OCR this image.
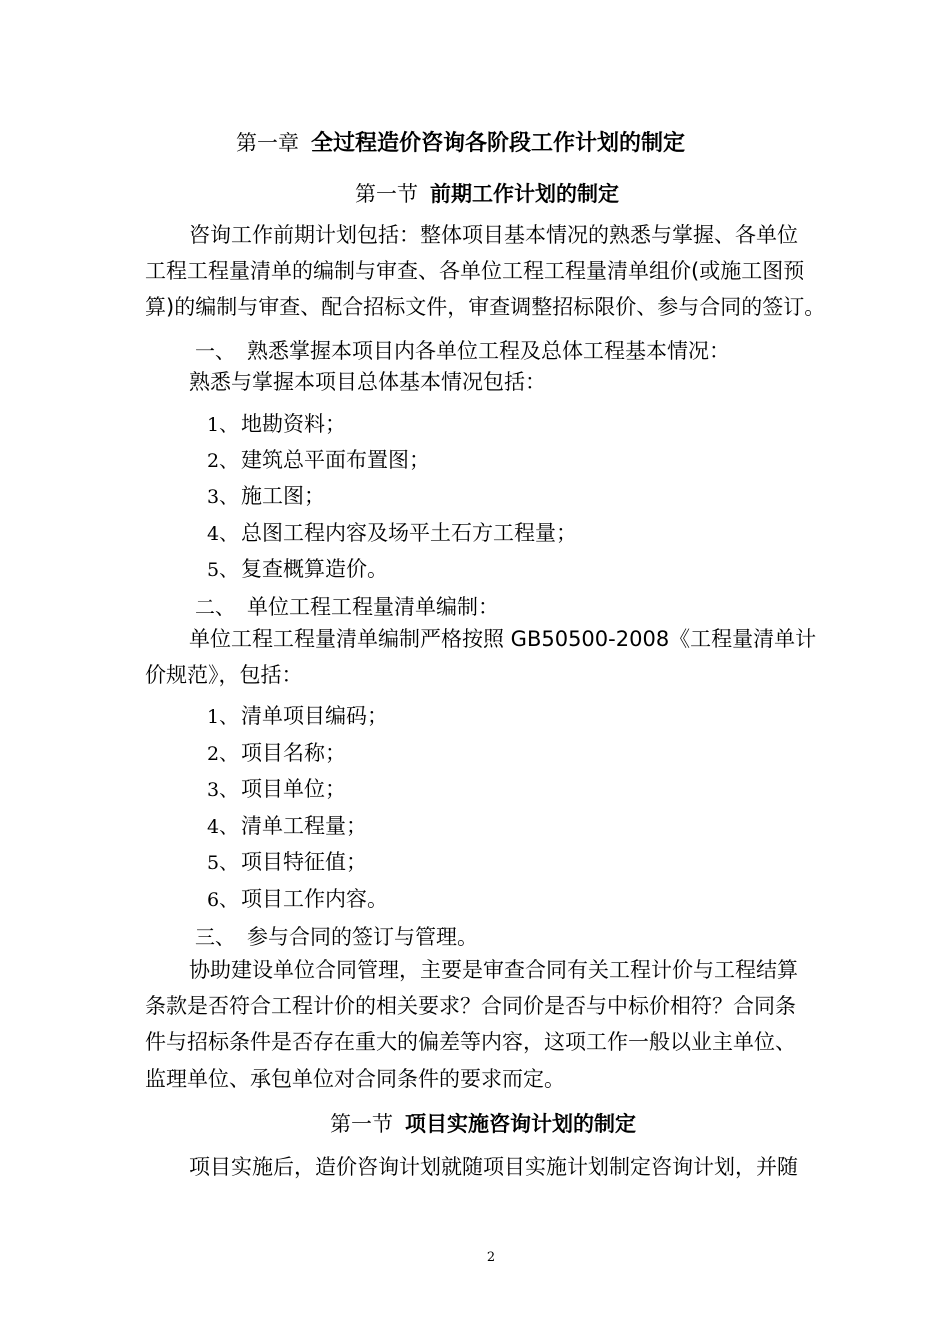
第一章 全过程造价咨询各阶段工作计划的制定
第一节 前期工作计划的制定
咨询工作前期计划包括：整体项目基本情况的熟悉与掌握、各单位
工程工程量清单的编制与审查、各单位工程工程量清单组价(或施工图预
算)的编制与审查、配合招标文件，审查调整招标限价、参与合同的签订。
一、 熟悉掌握本项目内各单位工程及总体工程基本情况：
熟悉与掌握本项目总体基本情况包括：
1、 地勘资料；
2、 建筑总平面布置图；
3、 施工图；
4、 总图工程内容及场平土石方工程量；
5、 复查概算造价。
二、 单位工程工程量清单编制：
单位工程工程量清单编制严格按照 GB50500-2008《工程量清单计
价规范》，包括：
1、 清单项目编码；
2、 项目名称；
3、 项目单位；
4、 清单工程量；
5、 项目特征值；
6、 项目工作内容。
三、 参与合同的签订与管理。
协助建设单位合同管理，主要是审查合同有关工程计价与工程结算
条款是否符合工程计价的相关要求？合同价是否与中标价相符？合同条
件与招标条件是否存在重大的偏差等内容，这项工作一般以业主单位、
监理单位、承包单位对合同条件的要求而定。
第一节 项目实施咨询计划的制定
项目实施后，造价咨询计划就随项目实施计划制定咨询计划，并随
2
